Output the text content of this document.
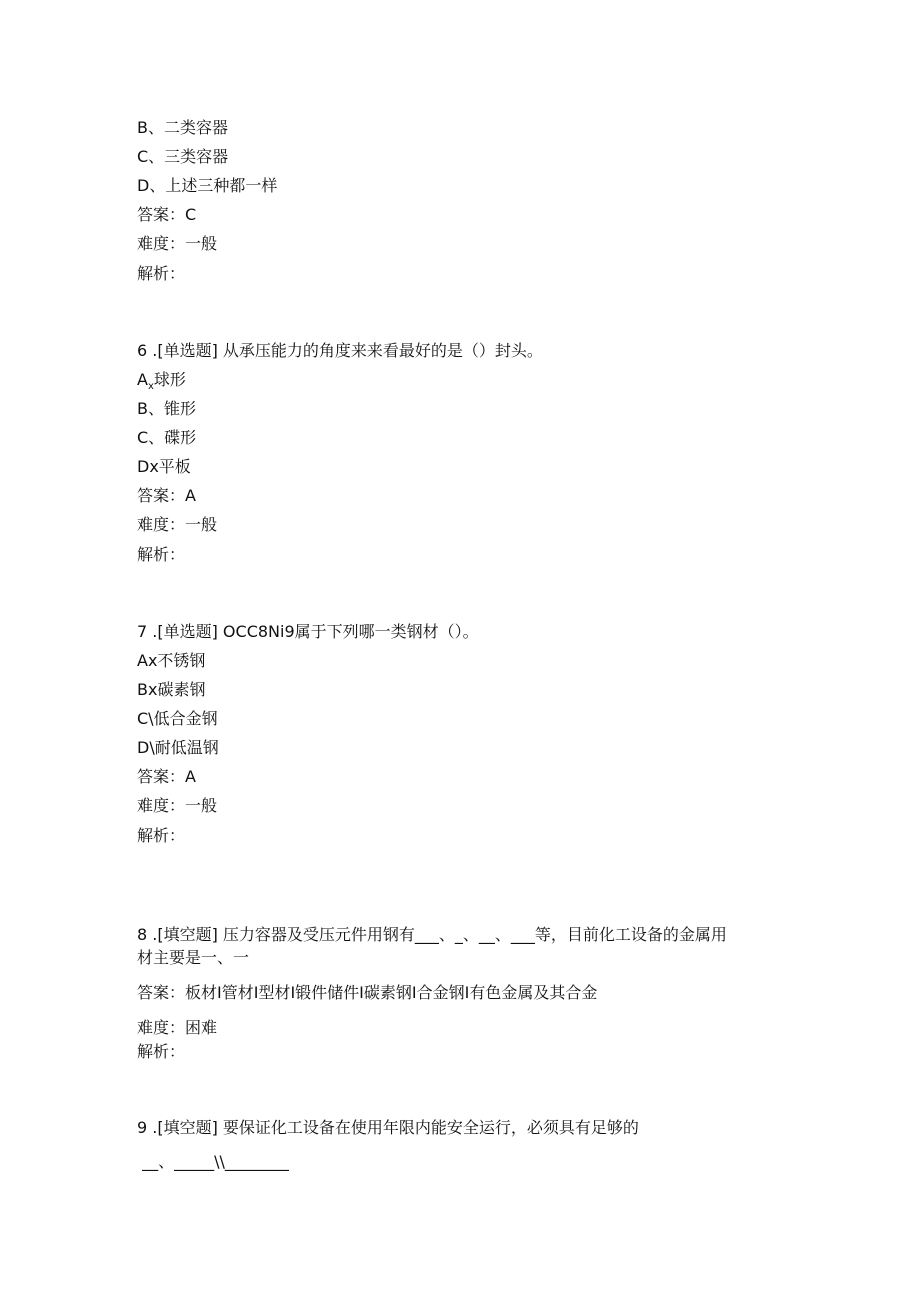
B、二类容器

C、三类容器

D、上述三种都一样

答案：C

难度：一般

解析：

6 .[单选题] 从承压能力的角度来来看最好的是（）封头。

$A_x$球形

B、锥形

C、碟形

Dx平板

答案：A

难度：一般

解析：

7 .[单选题] OCC8Ni9属于下列哪一类钢材（）。

Ax不锈钢

Bx碳素钢

C\低合金钢

D\耐低温钢

答案：A

难度：一般

解析：

8 .[填空题] 压力容器及受压元件用钢有___、_、__、___等，目前化工设备的金属用

材主要是一、一

答案：板材I管材I型材I锻件储件I碳素钢I合金钢I有色金属及其合金

难度：困难

解析：

9 .[填空题] 要保证化工设备在使用年限内能安全运行，必须具有足够的

__、_____\\________
